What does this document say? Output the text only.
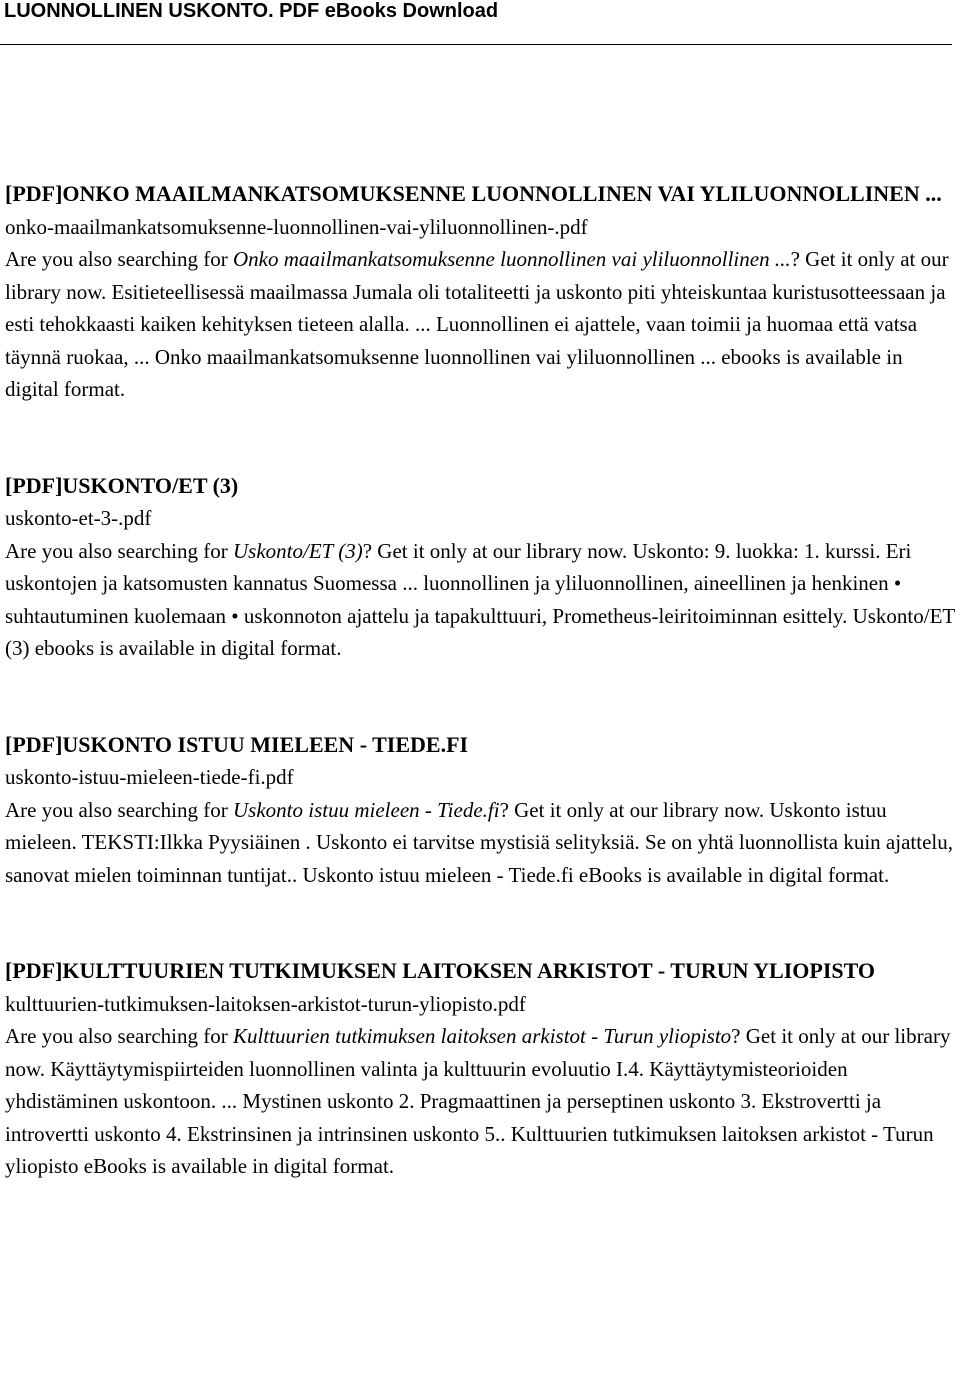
LUONNOLLINEN USKONTO. PDF eBooks Download

[PDF]ONKO MAAILMANKATSOMUKSENNE LUONNOLLINEN VAI YLILUONNOLLINEN ...

onko-maailmankatsomuksenne-luonnollinen-vai-yliluonnollinen-.pdf

Are you also searching for Onko maailmankatsomuksenne luonnollinen vai yliluonnollinen ...? Get it only at our library now. Esitieteellisessä maailmassa Jumala oli totaliteetti ja uskonto piti yhteiskuntaa kuristusotteessaan ja esti tehokkaasti kaiken kehityksen tieteen alalla. ... Luonnollinen ei ajattele, vaan toimii ja huomaa että vatsa täynnä ruokaa, ... Onko maailmankatsomuksenne luonnollinen vai yliluonnollinen ... ebooks is available in digital format.

[PDF]USKONTO/ET (3)

uskonto-et-3-.pdf

Are you also searching for Uskonto/ET (3)? Get it only at our library now. Uskonto: 9. luokka: 1. kurssi. Eri uskontojen ja katsomusten kannatus Suomessa ... luonnollinen ja yliluonnollinen, aineellinen ja henkinen • suhtautuminen kuolemaan • uskonnoton ajattelu ja tapakulttuuri, Prometheus-leiritoiminnan esittely. Uskonto/ET (3) ebooks is available in digital format.

[PDF]USKONTO ISTUU MIELEEN - TIEDE.FI

uskonto-istuu-mieleen-tiede-fi.pdf

Are you also searching for Uskonto istuu mieleen - Tiede.fi? Get it only at our library now. Uskonto istuu mieleen. TEKSTI:Ilkka Pyysiäinen . Uskonto ei tarvitse mystisiä selityksiä. Se on yhtä luonnollista kuin ajattelu, sanovat mielen toiminnan tuntijat.. Uskonto istuu mieleen - Tiede.fi eBooks is available in digital format.

[PDF]KULTTUURIEN TUTKIMUKSEN LAITOKSEN ARKISTOT - TURUN YLIOPISTO

kulttuurien-tutkimuksen-laitoksen-arkistot-turun-yliopisto.pdf

Are you also searching for Kulttuurien tutkimuksen laitoksen arkistot - Turun yliopisto? Get it only at our library now. Käyttäytymispiirteiden luonnollinen valinta ja kulttuurin evoluutio I.4. Käyttäytymisteorioiden yhdistäminen uskontoon. ... Mystinen uskonto 2. Pragmaattinen ja perseptinen uskonto 3. Ekstrovertti ja introvertti uskonto 4. Ekstrinsinen ja intrinsinen uskonto 5.. Kulttuurien tutkimuksen laitoksen arkistot - Turun yliopisto eBooks is available in digital format.
